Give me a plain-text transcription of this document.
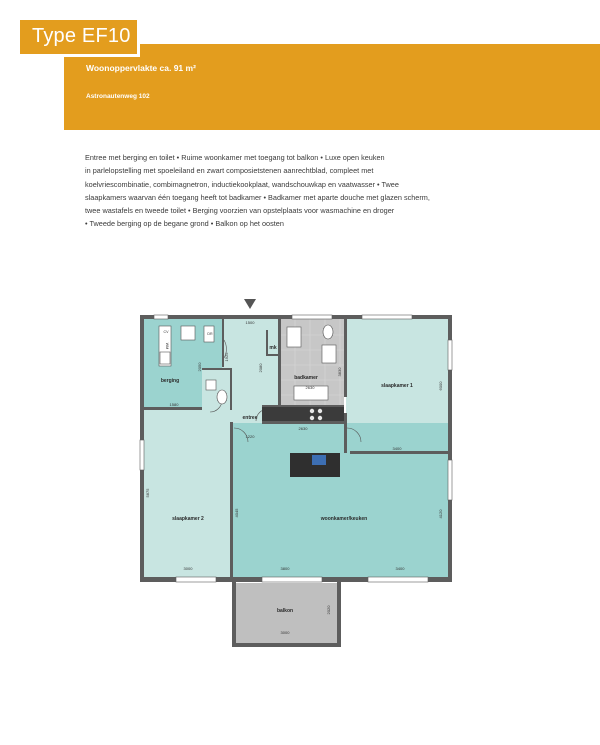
Type EF10
Woonoppervlakte ca. 91 m²
Astronautenweg 102

Entree met berging en toilet • Ruime woonkamer met toegang tot balkon • Luxe open keuken

in parlelopstelling met spoeleiland en zwart composietstenen aanrechtblad, compleet met

koelvriescombinatie, combimagnetron, inductiekookplaat, wandschouwkap en vaatwasser • Twee

slaapkamers waarvan één toegang heeft tot badkamer • Badkamer met aparte douche met glazen scherm,

twee wastafels en tweede toilet • Berging voorzien van opstelplaats voor wasmachine en droger

• Tweede berging op de begane grond • Balkon op het oosten

berging
mk
badkamer
slaapkamer 1
entree
slaapkamer 2	woonkamer/keuken
balkon
CV
WM
DR
1500
1925
2050	2080	3830
1580
2630
2630
6000
1220
3400
5875
4045	4120
3000	3800	3400
2020
3000
